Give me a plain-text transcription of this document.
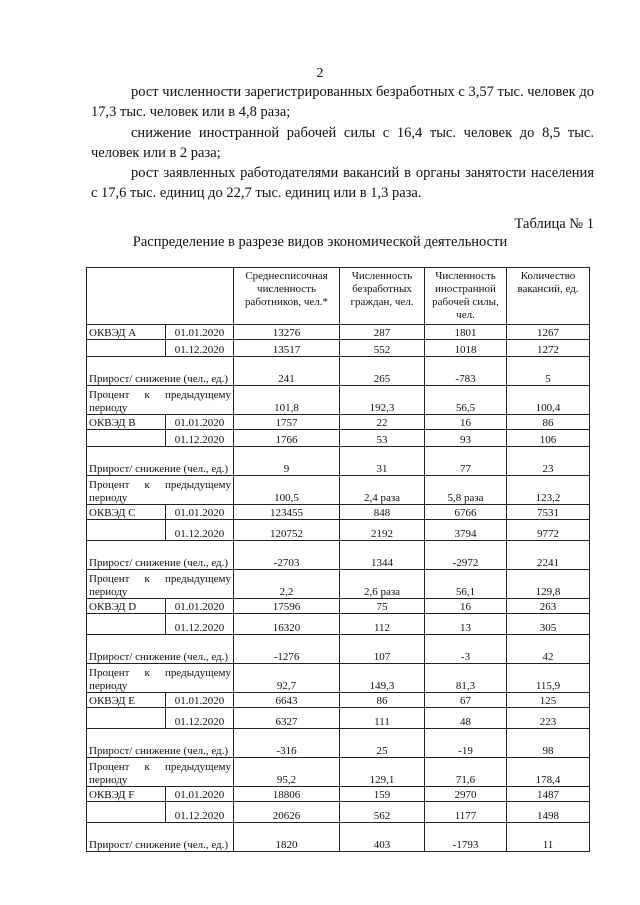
2

рост численности зарегистрированных безработных с 3,57 тыс. человек до 17,3 тыс. человек или в 4,8 раза;

снижение иностранной рабочей силы с 16,4 тыс. человек до 8,5 тыс. человек или в 2 раза;

рост заявленных работодателями вакансий в органы занятости населения с 17,6 тыс. единиц до 22,7 тыс. единиц или в 1,3 раза.

Таблица № 1
Распределение в разрезе видов экономической деятельности
		Среднесписочная численность работников, чел.*	Численность безработных граждан, чел.	Численность иностранной рабочей силы, чел.	Количество вакансий, ед.
ОКВЭД А	01.01.2020	13276	287	1801	1267
	01.12.2020	13517	552	1018	1272
Прирост/ снижение (чел., ед.)		241	265	-783	5
Процент к предыдущему периоду		101,8	192,3	56,5	100,4
ОКВЭД В	01.01.2020	1757	22	16	86
	01.12.2020	1766	53	93	106
Прирост/ снижение (чел., ед.)		9	31	77	23
Процент к предыдущему периоду		100,5	2,4 раза	5,8 раза	123,2
ОКВЭД С	01.01.2020	123455	848	6766	7531
	01.12.2020	120752	2192	3794	9772
Прирост/ снижение (чел., ед.)		-2703	1344	-2972	2241
Процент к предыдущему периоду		2,2	2,6 раза	56,1	129,8
ОКВЭД D	01.01.2020	17596	75	16	263
	01.12.2020	16320	112	13	305
Прирост/ снижение (чел., ед.)		-1276	107	-3	42
Процент к предыдущему периоду		92,7	149,3	81,3	115,9
ОКВЭД Е	01.01.2020	6643	86	67	125
	01.12.2020	6327	111	48	223
Прирост/ снижение (чел., ед.)		-316	25	-19	98
Процент к предыдущему периоду		95,2	129,1	71,6	178,4
ОКВЭД F	01.01.2020	18806	159	2970	1487
	01.12.2020	20626	562	1177	1498
Прирост/ снижение (чел., ед.)		1820	403	-1793	11
